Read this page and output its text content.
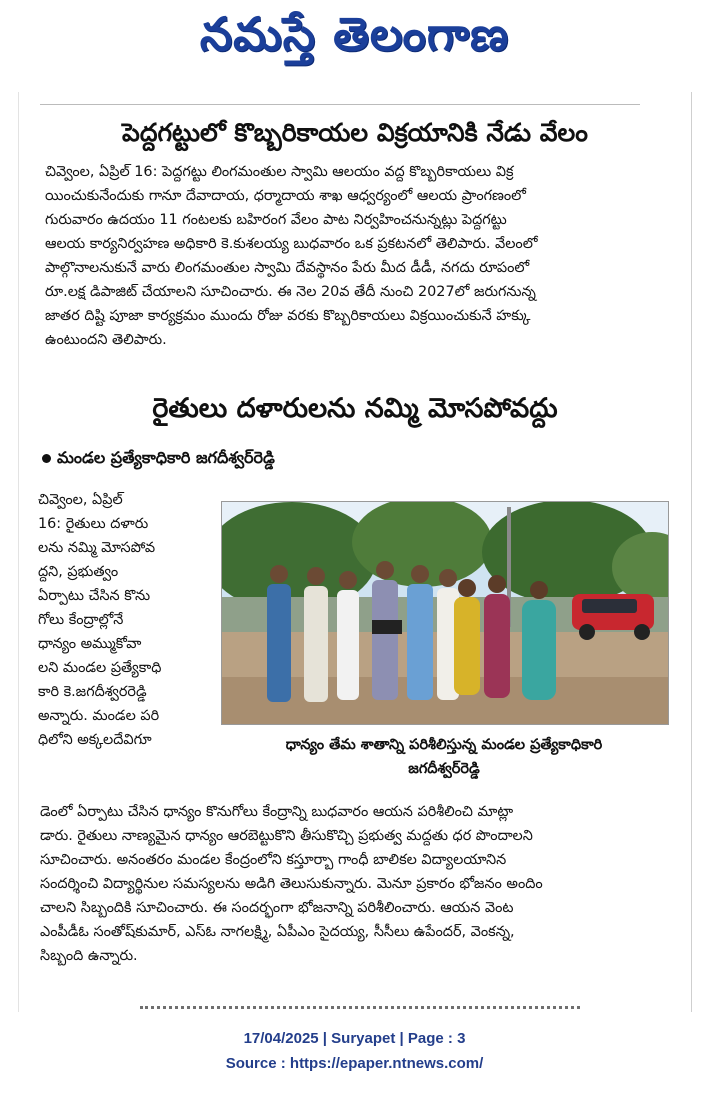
నమస్తే తెలంగాణ
పెద్దగట్టులో కొబ్బరికాయల విక్రయానికి నేడు వేలం

చివ్వెంల, ఏప్రిల్ 16: పెద్దగట్టు లింగమంతుల స్వామి ఆలయం వద్ద కొబ్బరికాయలు విక్ర

యించుకునేందుకు గానూ దేవాదాయ, ధర్మాదాయ శాఖ ఆధ్వర్యంలో ఆలయ ప్రాంగణంలో

గురువారం ఉదయం 11 గంటలకు బహిరంగ వేలం పాట నిర్వహించనున్నట్లు పెద్దగట్టు

ఆలయ కార్యనిర్వహణ అధికారి కె.కుశలయ్య బుధవారం ఒక ప్రకటనలో తెలిపారు. వేలంలో

పాల్గొనాలనుకునే వారు లింగమంతుల స్వామి దేవస్థానం పేరు మీద డీడీ, నగదు రూపంలో

రూ.లక్ష డిపాజిట్ చేయాలని సూచించారు. ఈ నెల 20వ తేదీ నుంచి 2027లో జరుగనున్న

జాతర దిష్టి పూజా కార్యక్రమం ముందు రోజు వరకు కొబ్బరికాయలు విక్రయించుకునే హక్కు

ఉంటుందని తెలిపారు.

రైతులు దళారులను నమ్మి మోసపోవద్దు
మండల ప్రత్యేకాధికారి జగదీశ్వర్‌రెడ్డి

చివ్వెంల, ఏప్రిల్

16: రైతులు దళారు

లను నమ్మి మోసపోవ

ద్దని, ప్రభుత్వం

ఏర్పాటు చేసిన కొను

గోలు కేంద్రాల్లోనే

ధాన్యం అమ్ముకోవా

లని మండల ప్రత్యేకాధి

కారి కె.జగదీశ్వరరెడ్డి

అన్నారు. మండల పరి

ధిలోని అక్కలదేవిగూ	ధాన్యం తేమ శాతాన్ని పరిశీలిస్తున్న మండల ప్రత్యేకాధికారి

జగదీశ్వర్‌రెడ్డి

డెంలో ఏర్పాటు చేసిన ధాన్యం కొనుగోలు కేంద్రాన్ని బుధవారం ఆయన పరిశీలించి మాట్లా

డారు. రైతులు నాణ్యమైన ధాన్యం ఆరబెట్టుకొని తీసుకొచ్చి ప్రభుత్వ మద్దతు ధర పొందాలని

సూచించారు. అనంతరం మండల కేంద్రంలోని కస్తూర్బా గాంధీ బాలికల విద్యాలయానిన

సందర్శించి విద్యార్థినుల సమస్యలను అడిగి తెలుసుకున్నారు. మెనూ ప్రకారం భోజనం అందిం

చాలని సిబ్బందికి సూచించారు. ఈ సందర్భంగా భోజనాన్ని పరిశీలించారు. ఆయన వెంట

ఎంపీడీఓ సంతోష్‌కుమార్, ఎస్‌ఓ నాగలక్ష్మి, ఏపీఎం సైదయ్య, సీసీలు ఉపేందర్, వెంకన్న,

సిబ్బంది ఉన్నారు.

17/04/2025 | Suryapet | Page : 3
Source : https://epaper.ntnews.com/
